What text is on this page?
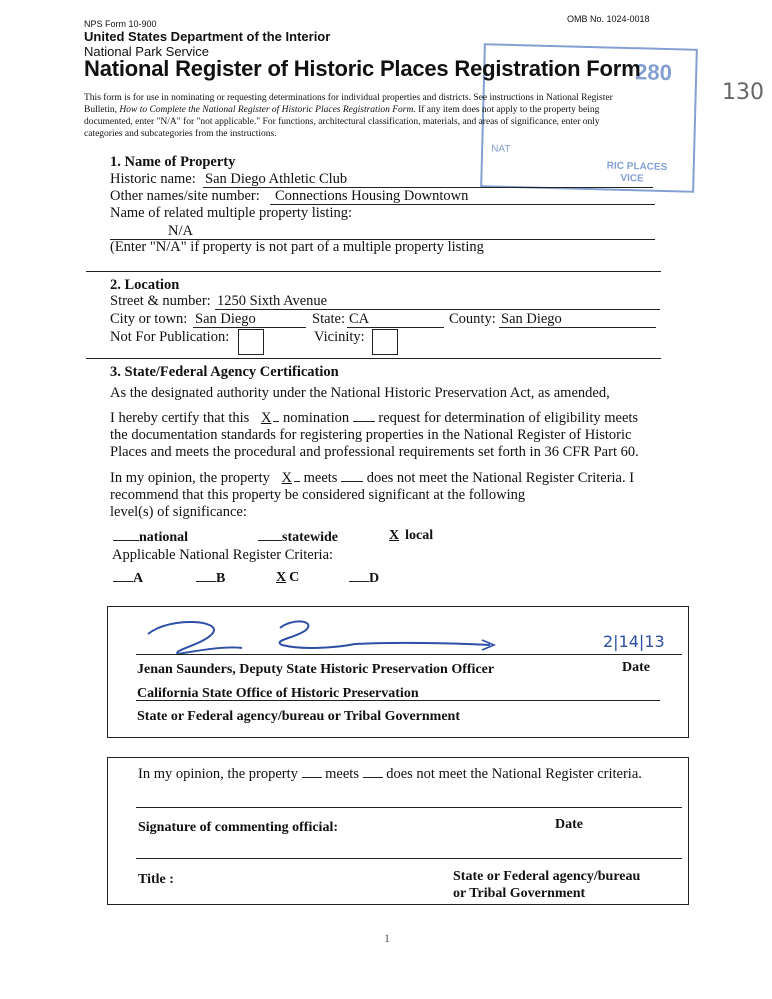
NPS Form 10-900	OMB No. 1024-0018
United States Department of the Interior
National Park Service
280
NAT
RIC PLACES
VICE
National Register of Historic Places Registration Form
130
This form is for use in nominating or requesting determinations for individual properties and districts. See instructions in National Register
Bulletin, How to Complete the National Register of Historic Places Registration Form. If any item does not apply to the property being
documented, enter "N/A" for "not applicable." For functions, architectural classification, materials, and areas of significance, enter only
categories and subcategories from the instructions.
1. Name of Property
Historic name: San Diego Athletic Club
Other names/site number: Connections Housing Downtown
Name of related multiple property listing:
N/A
(Enter "N/A" if property is not part of a multiple property listing
2. Location
Street & number: 1250 Sixth Avenue
City or town: San Diego	State: CA	County: San Diego
Not For Publication:	Vicinity:
3. State/Federal Agency Certification
As the designated authority under the National Historic Preservation Act, as amended,
I hereby certify that this X nomination  request for determination of eligibility meets
the documentation standards for registering properties in the National Register of Historic
Places and meets the procedural and professional requirements set forth in 36 CFR Part 60.
In my opinion, the property X meets  does not meet the National Register Criteria. I
recommend that this property be considered significant at the following
level(s) of significance:
national	statewide	X local
Applicable National Register Criteria:
A	B	X C	D
2|14|13
Jenan Saunders, Deputy State Historic Preservation Officer	Date
California State Office of Historic Preservation
State or Federal agency/bureau or Tribal Government
In my opinion, the property  meets  does not meet the National Register criteria.
Signature of commenting official:	Date
Title :	State or Federal agency/bureau
or Tribal Government
1
